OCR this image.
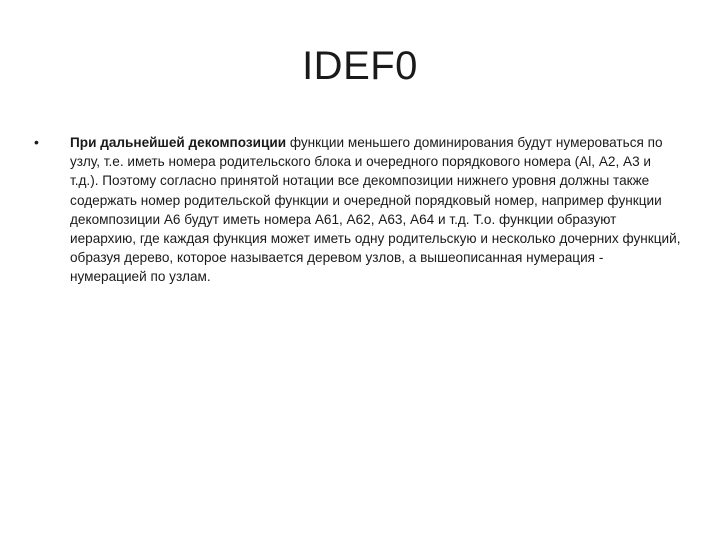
IDEF0
• При дальнейшей декомпозиции функции меньшего доминирования будут нумероваться по узлу, т.е. иметь номера родительского блока и очередного порядкового номера (Al, А2, A3 и т.д.). Поэтому согласно принятой нотации все декомпозиции нижнего уровня должны также содержать номер родительской функции и очередной порядковый номер, например функции декомпозиции А6 будут иметь номера А61, А62, А63, А64 и т.д. Т.о. функции образуют иерархию, где каждая функция может иметь одну родительскую и несколько дочерних функций, образуя дерево, которое называется деревом узлов, а вышеописанная нумерация - нумерацией по узлам.
